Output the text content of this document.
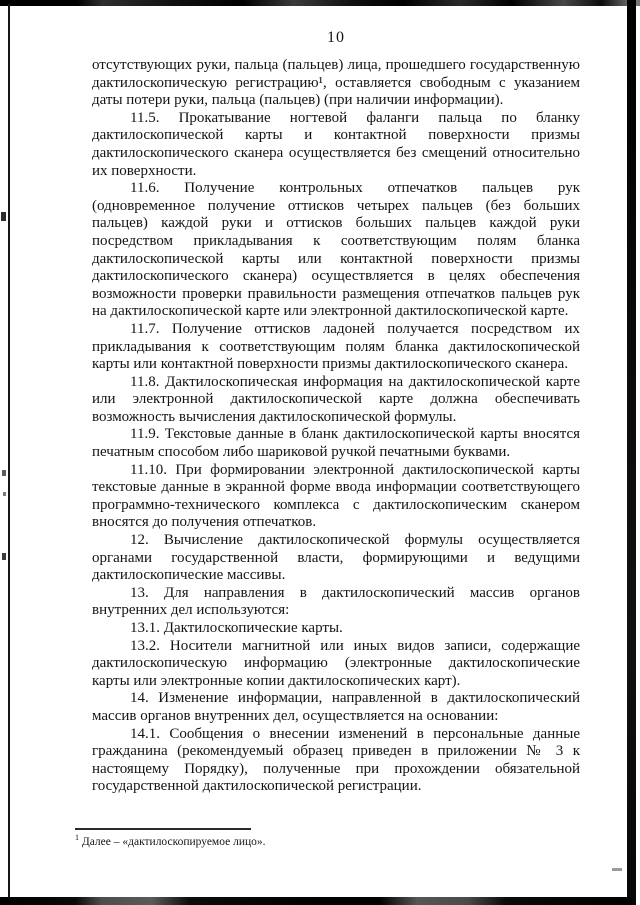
10

отсутствующих руки, пальца (пальцев) лица, прошедшего государственную дактилоскопическую регистрацию¹, оставляется свободным с указанием даты потери руки, пальца (пальцев) (при наличии информации).

11.5. Прокатывание ногтевой фаланги пальца по бланку дактилоскопической карты и контактной поверхности призмы дактилоскопического сканера осуществляется без смещений относительно их поверхности.

11.6. Получение контрольных отпечатков пальцев рук (одновременное получение оттисков четырех пальцев (без больших пальцев) каждой руки и оттисков больших пальцев каждой руки посредством прикладывания к соответствующим полям бланка дактилоскопической карты или контактной поверхности призмы дактилоскопического сканера) осуществляется в целях обеспечения возможности проверки правильности размещения отпечатков пальцев рук на дактилоскопической карте или электронной дактилоскопической карте.

11.7. Получение оттисков ладоней получается посредством их прикладывания к соответствующим полям бланка дактилоскопической карты или контактной поверхности призмы дактилоскопического сканера.

11.8. Дактилоскопическая информация на дактилоскопической карте или электронной дактилоскопической карте должна обеспечивать возможность вычисления дактилоскопической формулы.

11.9. Текстовые данные в бланк дактилоскопической карты вносятся печатным способом либо шариковой ручкой печатными буквами.

11.10. При формировании электронной дактилоскопической карты текстовые данные в экранной форме ввода информации соответствующего программно-технического комплекса с дактилоскопическим сканером вносятся до получения отпечатков.

12. Вычисление дактилоскопической формулы осуществляется органами государственной власти, формирующими и ведущими дактилоскопические массивы.

13. Для направления в дактилоскопический массив органов внутренних дел используются:

13.1. Дактилоскопические карты.

13.2. Носители магнитной или иных видов записи, содержащие дактилоскопическую информацию (электронные дактилоскопические карты или электронные копии дактилоскопических карт).

14. Изменение информации, направленной в дактилоскопический массив органов внутренних дел, осуществляется на основании:

14.1. Сообщения о внесении изменений в персональные данные гражданина (рекомендуемый образец приведен в приложении № 3 к настоящему Порядку), полученные при прохождении обязательной государственной дактилоскопической регистрации.

$^1$ Далее – «дактилоскопируемое лицо».
